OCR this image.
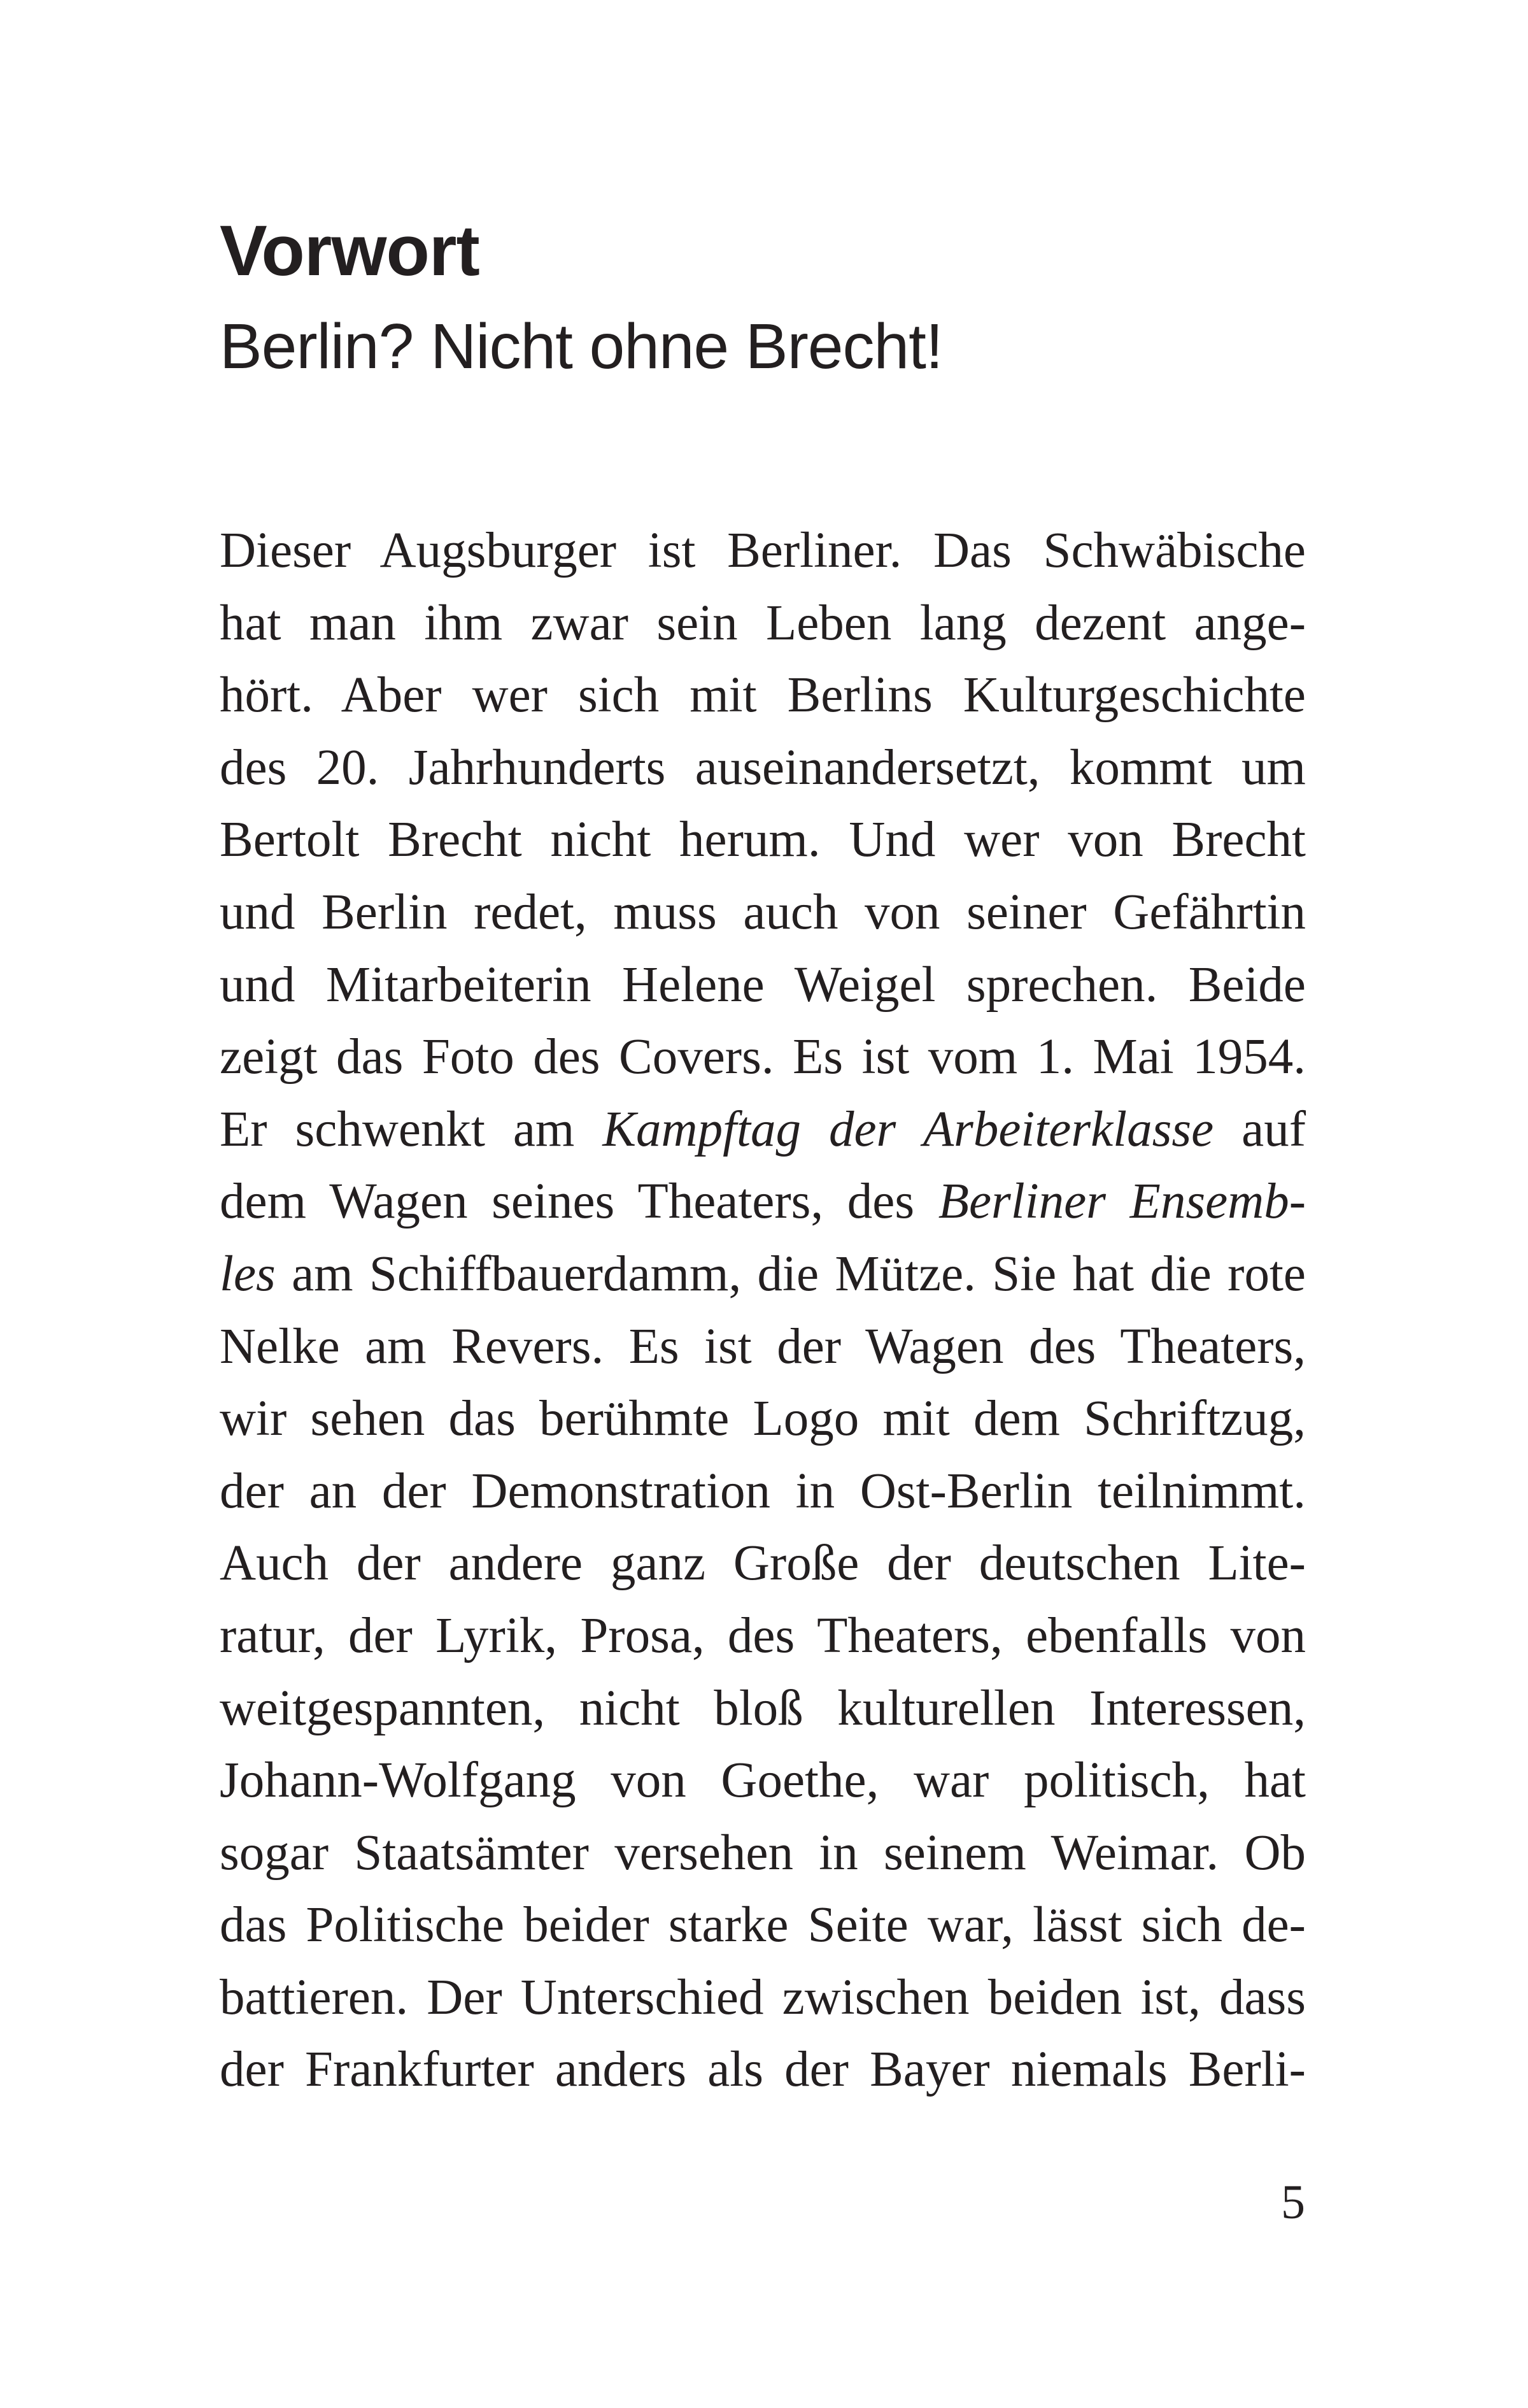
Vorwort
Berlin? Nicht ohne Brecht!
Dieser Augsburger ist Berliner. Das Schwäbische
hat man ihm zwar sein Leben lang dezent ange-
hört. Aber wer sich mit Berlins Kulturgeschichte
des 20. Jahrhunderts auseinandersetzt, kommt um
Bertolt Brecht nicht herum. Und wer von Brecht
und Berlin redet, muss auch von seiner Gefährtin
und Mitarbeiterin Helene Weigel sprechen. Beide
zeigt das Foto des Covers. Es ist vom 1. Mai 1954.
Er schwenkt am Kampftag der Arbeiterklasse auf
dem Wagen seines Theaters, des Berliner Ensemb-
les am Schiffbauerdamm, die Mütze. Sie hat die rote
Nelke am Revers. Es ist der Wagen des Theaters,
wir sehen das berühmte Logo mit dem Schriftzug,
der an der Demonstration in Ost-Berlin teilnimmt.
Auch der andere ganz Große der deutschen Lite-
ratur, der Lyrik, Prosa, des Theaters, ebenfalls von
weitgespannten, nicht bloß kulturellen Interessen,
Johann-Wolfgang von Goethe, war politisch, hat
sogar Staatsämter versehen in seinem Weimar. Ob
das Politische beider starke Seite war, lässt sich de-
battieren. Der Unterschied zwischen beiden ist, dass
der Frankfurter anders als der Bayer niemals Berli-
5
